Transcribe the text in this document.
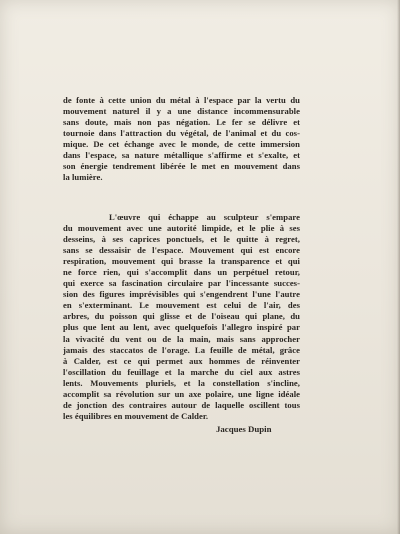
de fonte à cette union du métal à l'espace par la vertu du
mouvement naturel il y a une distance incommensurable
sans doute, mais non pas négation. Le fer se délivre et
tournoie dans l'attraction du végétal, de l'animal et du cos-
mique. De cet échange avec le monde, de cette immersion
dans l'espace, sa nature métallique s'affirme et s'exalte, et
son énergie tendrement libérée le met en mouvement dans
la lumière.
L'œuvre qui échappe au sculpteur s'empare
du mouvement avec une autorité limpide, et le plie à ses
desseins, à ses caprices ponctuels, et le quitte à regret,
sans se dessaisir de l'espace. Mouvement qui est encore
respiration, mouvement qui brasse la transparence et qui
ne force rien, qui s'accomplit dans un perpétuel retour,
qui exerce sa fascination circulaire par l'incessante succes-
sion des figures imprévisibles qui s'engendrent l'une l'autre
en s'exterminant. Le mouvement est celui de l'air, des
arbres, du poisson qui glisse et de l'oiseau qui plane, du
plus que lent au lent, avec quelquefois l'allegro inspiré par
la vivacité du vent ou de la main, mais sans approcher
jamais des staccatos de l'orage. La feuille de métal, grâce
à Calder, est ce qui permet aux hommes de réinventer
l'oscillation du feuillage et la marche du ciel aux astres
lents. Mouvements pluriels, et la constellation s'incline,
accomplit sa révolution sur un axe polaire, une ligne idéale
de jonction des contraires autour de laquelle oscillent tous
les équilibres en mouvement de Calder.
Jacques Dupin
